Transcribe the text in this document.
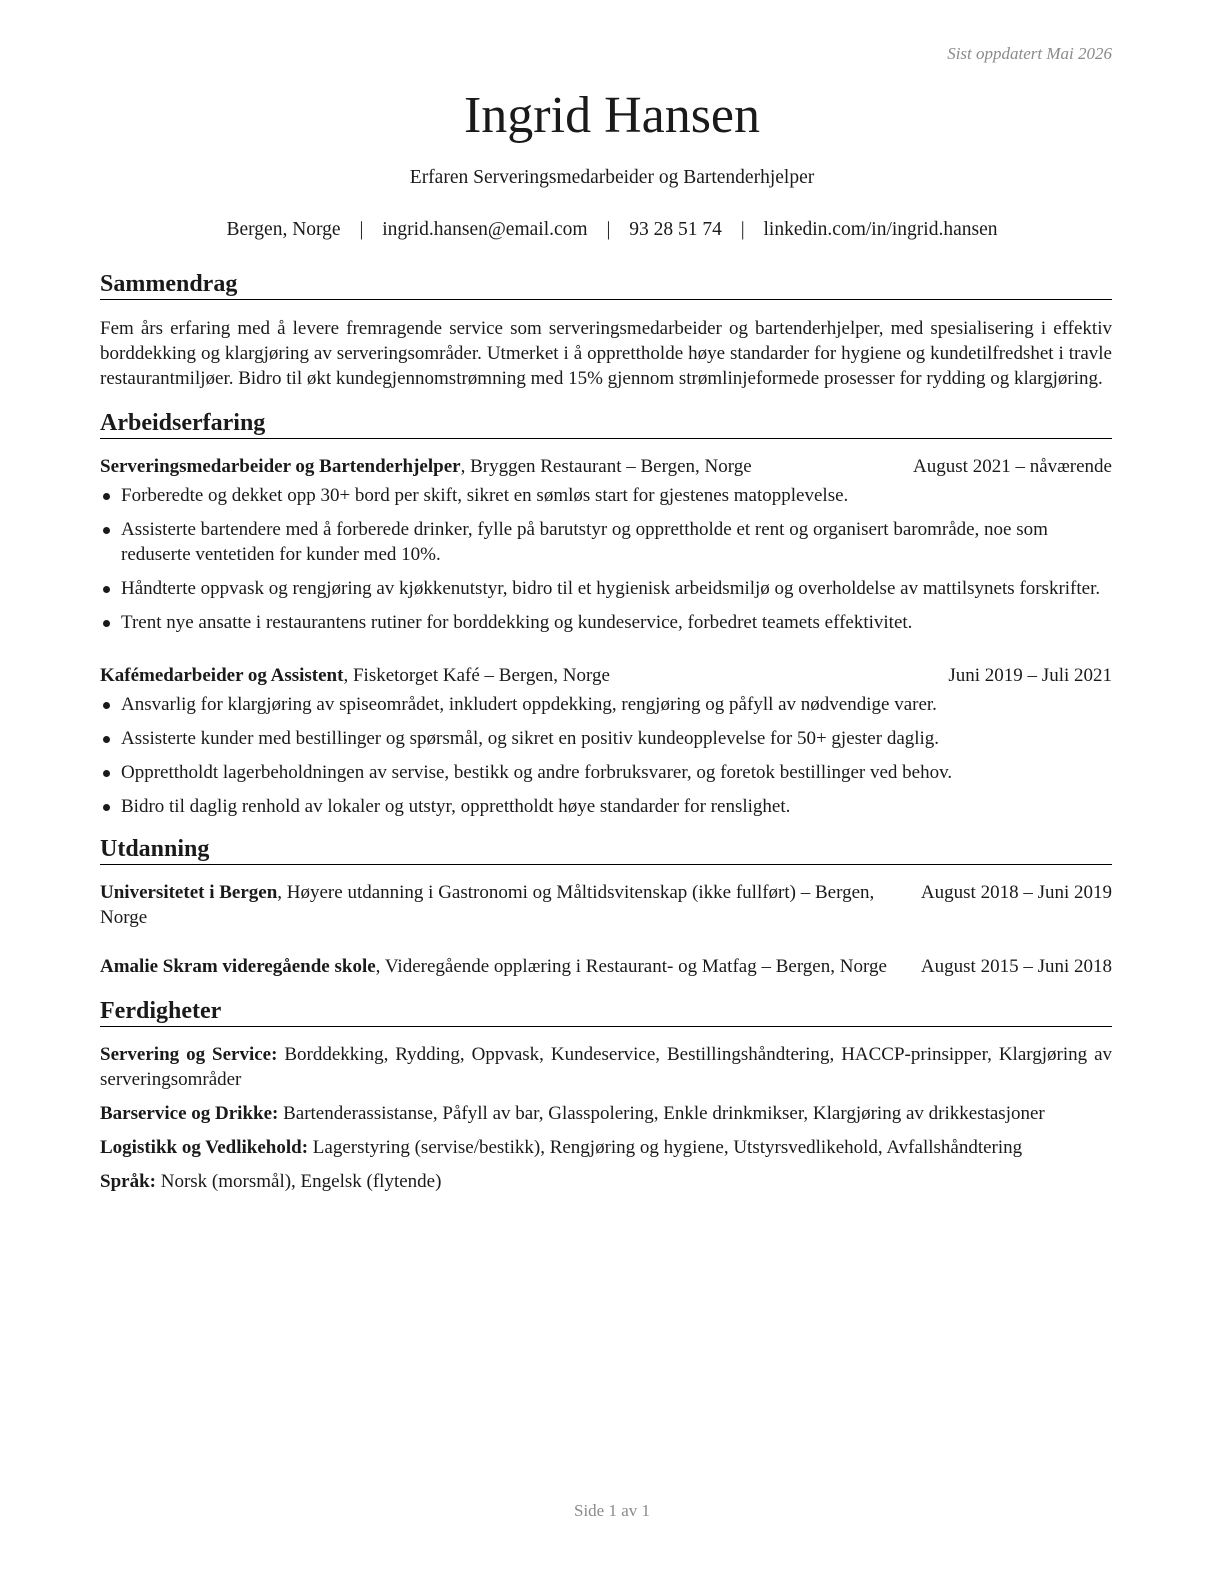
Sist oppdatert Mai 2026
Ingrid Hansen
Erfaren Serveringsmedarbeider og Bartenderhjelper
Bergen, Norge | ingrid.hansen@email.com | 93 28 51 74 | linkedin.com/in/ingrid.hansen
Sammendrag

Fem års erfaring med å levere fremragende service som serveringsmedarbeider og bartenderhjelper, med spesialisering i effektiv borddekking og klargjøring av serveringsområder. Utmerket i å opprettholde høye standarder for hygiene og kundetilfredshet i travle restaurantmiljøer. Bidro til økt kundegjennomstrømning med 15% gjennom strømlinjeformede prosesser for rydding og klargjøring.

Arbeidserfaring
Serveringsmedarbeider og Bartenderhjelper, Bryggen Restaurant – Bergen, Norge	August 2021 – nåværende
Forberedte og dekket opp 30+ bord per skift, sikret en sømløs start for gjestenes matopplevelse.
Assisterte bartendere med å forberede drinker, fylle på barutstyr og opprettholde et rent og organisert barområde, noe som reduserte ventetiden for kunder med 10%.
Håndterte oppvask og rengjøring av kjøkkenutstyr, bidro til et hygienisk arbeidsmiljø og overholdelse av mattilsynets forskrifter.
Trent nye ansatte i restaurantens rutiner for borddekking og kundeservice, forbedret teamets effektivitet.
Kafémedarbeider og Assistent, Fisketorget Kafé – Bergen, Norge	Juni 2019 – Juli 2021
Ansvarlig for klargjøring av spiseområdet, inkludert oppdekking, rengjøring og påfyll av nødvendige varer.
Assisterte kunder med bestillinger og spørsmål, og sikret en positiv kundeopplevelse for 50+ gjester daglig.
Opprettholdt lagerbeholdningen av servise, bestikk og andre forbruksvarer, og foretok bestillinger ved behov.
Bidro til daglig renhold av lokaler og utstyr, opprettholdt høye standarder for renslighet.
Utdanning
Universitetet i Bergen, Høyere utdanning i Gastronomi og Måltidsvitenskap (ikke fullført) – Bergen, Norge
August 2018 – Juni 2019
Amalie Skram videregående skole, Videregående opplæring i Restaurant- og Matfag – Bergen, Norge	August 2015 – Juni 2018
Ferdigheter
Servering og Service: Borddekking, Rydding, Oppvask, Kundeservice, Bestillingshåndtering, HACCP-prinsipper, Klargjøring av serveringsområder
Barservice og Drikke: Bartenderassistanse, Påfyll av bar, Glasspolering, Enkle drinkmikser, Klargjøring av drikkestasjoner
Logistikk og Vedlikehold: Lagerstyring (servise/bestikk), Rengjøring og hygiene, Utstyrsvedlikehold, Avfallshåndtering
Språk: Norsk (morsmål), Engelsk (flytende)
Side 1 av 1
